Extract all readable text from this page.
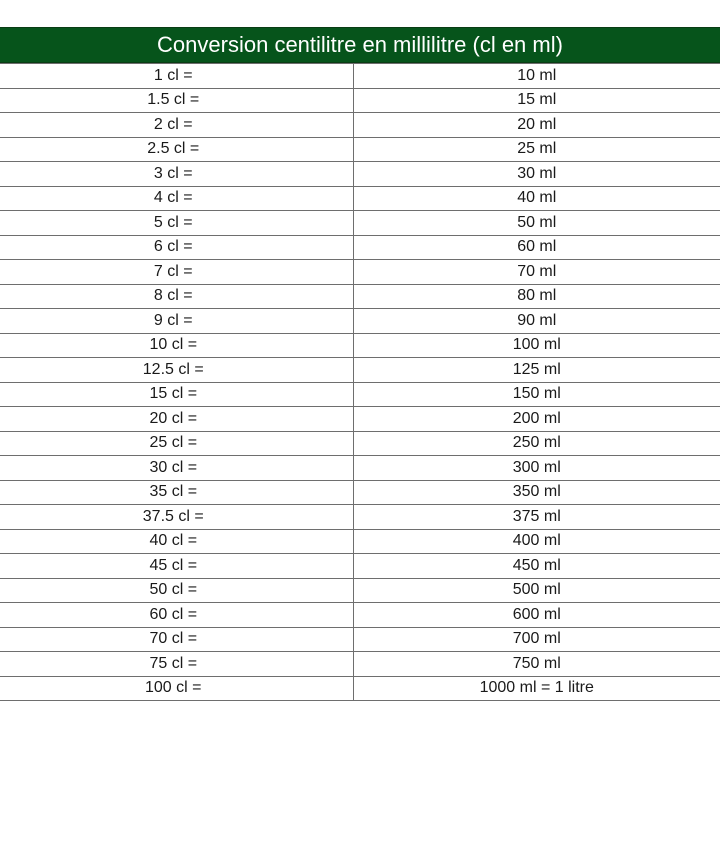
Conversion centilitre en millilitre (cl en ml)
1 cl =	10 ml
1.5 cl =	15 ml
2 cl =	20 ml
2.5 cl =	25 ml
3 cl =	30 ml
4 cl =	40 ml
5 cl =	50 ml
6 cl =	60 ml
7 cl =	70 ml
8 cl =	80 ml
9 cl =	90 ml
10 cl =	100 ml
12.5 cl =	125 ml
15 cl =	150 ml
20 cl =	200 ml
25 cl =	250 ml
30 cl =	300 ml
35 cl =	350 ml
37.5 cl =	375 ml
40 cl =	400 ml
45 cl =	450 ml
50 cl =	500 ml
60 cl =	600 ml
70 cl =	700 ml
75 cl =	750 ml
100 cl =	1000 ml = 1 litre
